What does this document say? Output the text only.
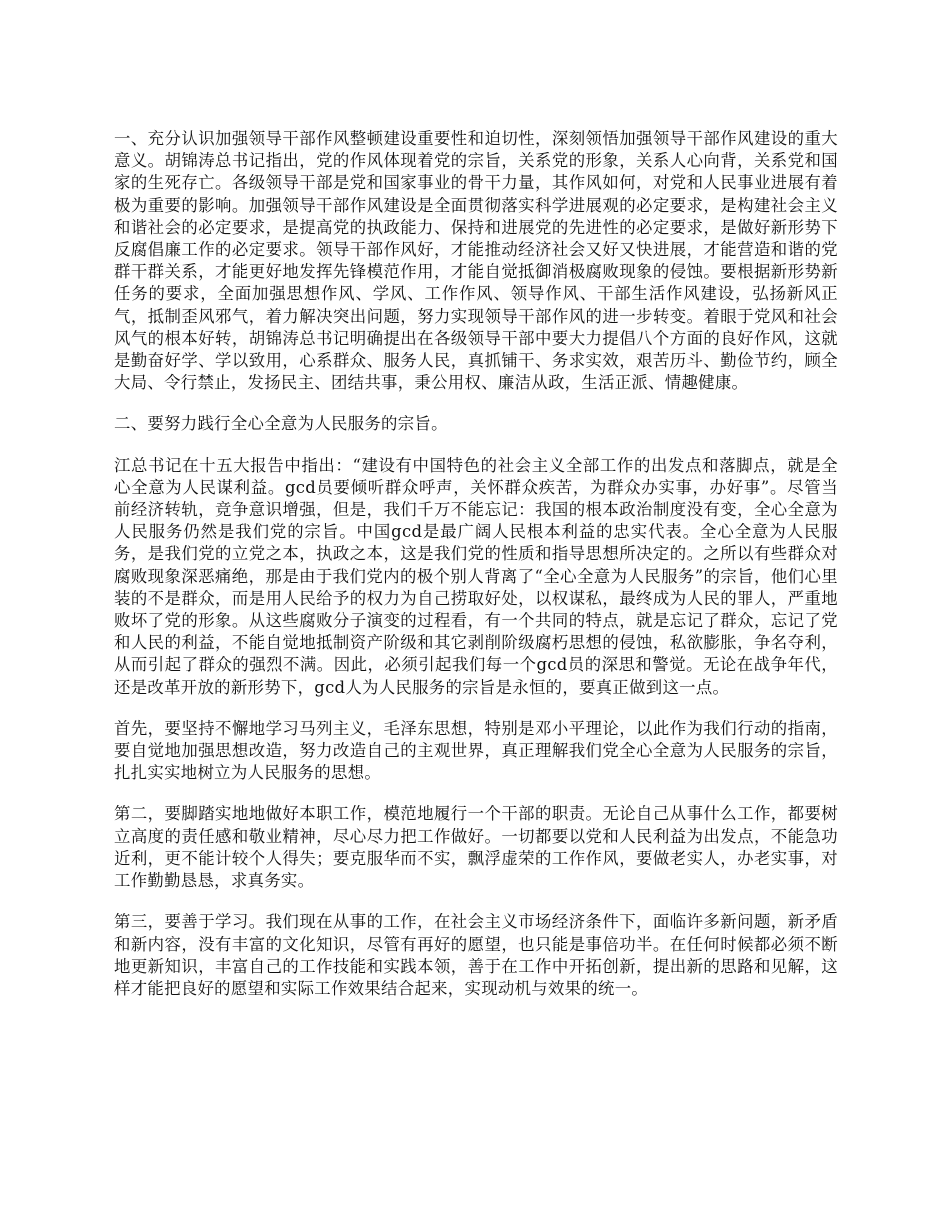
一、充分认识加强领导干部作风整顿建设重要性和迫切性，深刻领悟加强领导干部作风建设的重大意义。胡锦涛总书记指出，党的作风体现着党的宗旨，关系党的形象，关系人心向背，关系党和国家的生死存亡。各级领导干部是党和国家事业的骨干力量，其作风如何，对党和人民事业进展有着极为重要的影响。加强领导干部作风建设是全面贯彻落实科学进展观的必定要求，是构建社会主义和谐社会的必定要求，是提高党的执政能力、保持和进展党的先进性的必定要求，是做好新形势下反腐倡廉工作的必定要求。领导干部作风好，才能推动经济社会又好又快进展，才能营造和谐的党群干群关系，才能更好地发挥先锋模范作用，才能自觉抵御消极腐败现象的侵蚀。要根据新形势新任务的要求，全面加强思想作风、学风、工作作风、领导作风、干部生活作风建设，弘扬新风正气，抵制歪风邪气，着力解决突出问题，努力实现领导干部作风的进一步转变。着眼于党风和社会风气的根本好转，胡锦涛总书记明确提出在各级领导干部中要大力提倡八个方面的良好作风，这就是勤奋好学、学以致用，心系群众、服务人民，真抓铺干、务求实效，艰苦历斗、勤俭节约，顾全大局、令行禁止，发扬民主、团结共事，秉公用权、廉洁从政，生活正派、情趣健康。

二、要努力践行全心全意为人民服务的宗旨。

江总书记在十五大报告中指出：“建设有中国特色的社会主义全部工作的出发点和落脚点，就是全心全意为人民谋利益。gcd员要倾听群众呼声，关怀群众疾苦，为群众办实事，办好事”。尽管当前经济转轨，竞争意识增强，但是，我们千万不能忘记：我国的根本政治制度没有变，全心全意为人民服务仍然是我们党的宗旨。中国gcd是最广阔人民根本利益的忠实代表。全心全意为人民服务，是我们党的立党之本，执政之本，这是我们党的性质和指导思想所决定的。之所以有些群众对腐败现象深恶痛绝，那是由于我们党内的极个别人背离了“全心全意为人民服务”的宗旨，他们心里装的不是群众，而是用人民给予的权力为自己捞取好处，以权谋私，最终成为人民的罪人，严重地败坏了党的形象。从这些腐败分子演变的过程看，有一个共同的特点，就是忘记了群众，忘记了党和人民的利益，不能自觉地抵制资产阶级和其它剥削阶级腐朽思想的侵蚀，私欲膨胀，争名夺利，从而引起了群众的强烈不满。因此，必须引起我们每一个gcd员的深思和警觉。无论在战争年代，还是改革开放的新形势下，gcd人为人民服务的宗旨是永恒的，要真正做到这一点。

首先，要坚持不懈地学习马列主义，毛泽东思想，特别是邓小平理论，以此作为我们行动的指南，要自觉地加强思想改造，努力改造自己的主观世界，真正理解我们党全心全意为人民服务的宗旨，扎扎实实地树立为人民服务的思想。

第二，要脚踏实地地做好本职工作，模范地履行一个干部的职责。无论自己从事什么工作，都要树立高度的责任感和敬业精神，尽心尽力把工作做好。一切都要以党和人民利益为出发点，不能急功近利，更不能计较个人得失；要克服华而不实，飘浮虚荣的工作作风，要做老实人，办老实事，对工作勤勤恳恳，求真务实。

第三，要善于学习。我们现在从事的工作，在社会主义市场经济条件下，面临许多新问题，新矛盾和新内容，没有丰富的文化知识，尽管有再好的愿望，也只能是事倍功半。在任何时候都必须不断地更新知识，丰富自己的工作技能和实践本领，善于在工作中开拓创新，提出新的思路和见解，这样才能把良好的愿望和实际工作效果结合起来，实现动机与效果的统一。
